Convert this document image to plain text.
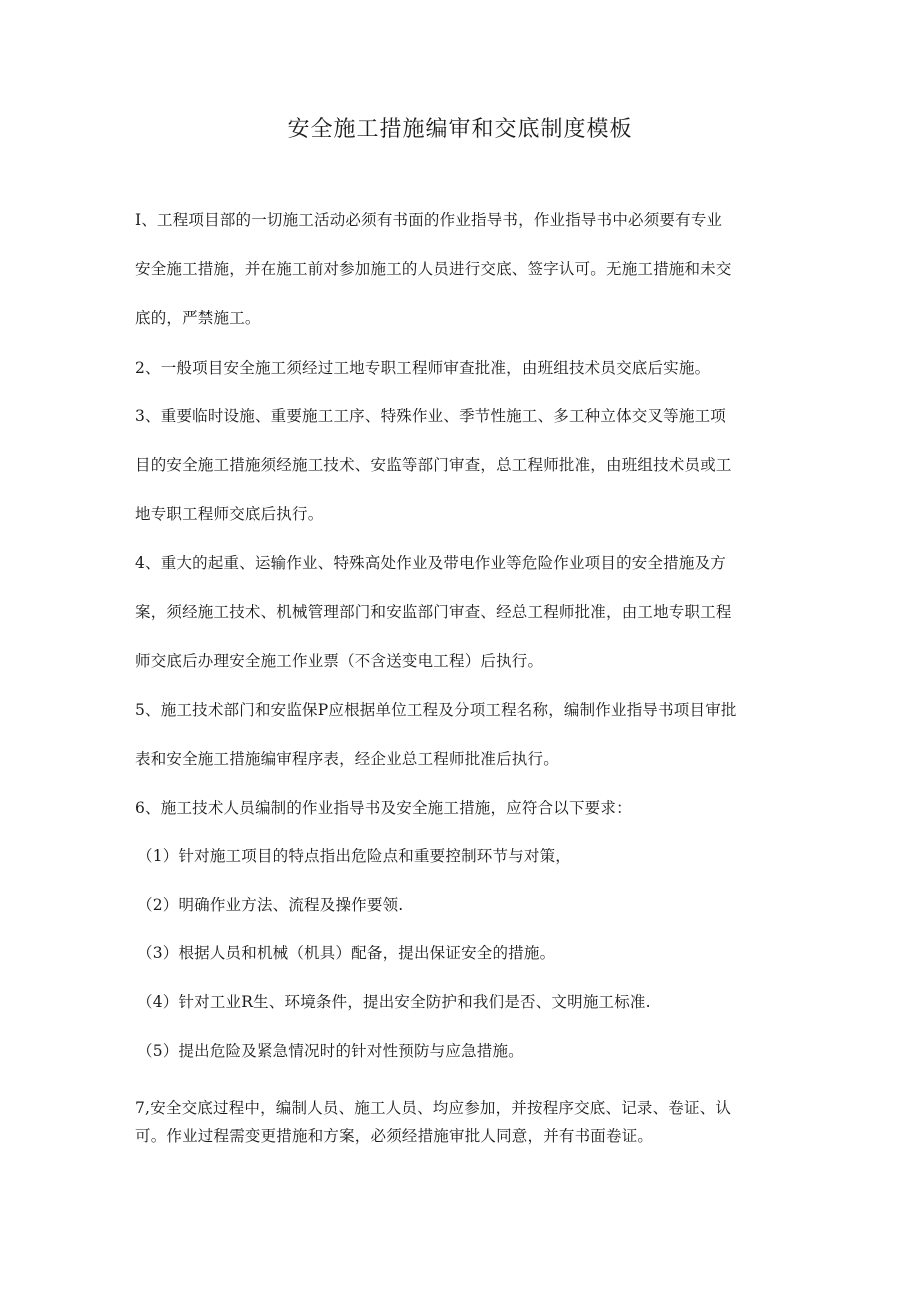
安全施工措施编审和交底制度模板

I、工程项目部的一切施工活动必须有书面的作业指导书，作业指导书中必须要有专业

安全施工措施，并在施工前对参加施工的人员进行交底、签字认可。无施工措施和未交

底的，严禁施工。

2、一般项目安全施工须经过工地专职工程师审查批准，由班组技术员交底后实施。

3、重要临时设施、重要施工工序、特殊作业、季节性施工、多工种立体交叉等施工项

目的安全施工措施须经施工技术、安监等部门审查，总工程师批准，由班组技术员或工

地专职工程师交底后执行。

4、重大的起重、运输作业、特殊高处作业及带电作业等危险作业项目的安全措施及方

案，须经施工技术、机械管理部门和安监部门审查、经总工程师批准，由工地专职工程

师交底后办理安全施工作业票（不含送变电工程）后执行。

5、施工技术部门和安监保P应根据单位工程及分项工程名称，编制作业指导书项目审批

表和安全施工措施编审程序表，经企业总工程师批准后执行。

6、施工技术人员编制的作业指导书及安全施工措施，应符合以下要求：

（1）针对施工项目的特点指出危险点和重要控制环节与对策，

（2）明确作业方法、流程及操作要领.

（3）根据人员和机械（机具）配备，提出保证安全的措施。

（4）针对工业R生、环境条件，提出安全防护和我们是否、文明施工标准.

（5）提出危险及紧急情况时的针对性预防与应急措施。

7,安全交底过程中，编制人员、施工人员、均应参加，并按程序交底、记录、卷证、认

可。作业过程需变更措施和方案，必须经措施审批人同意，并有书面卷证。
